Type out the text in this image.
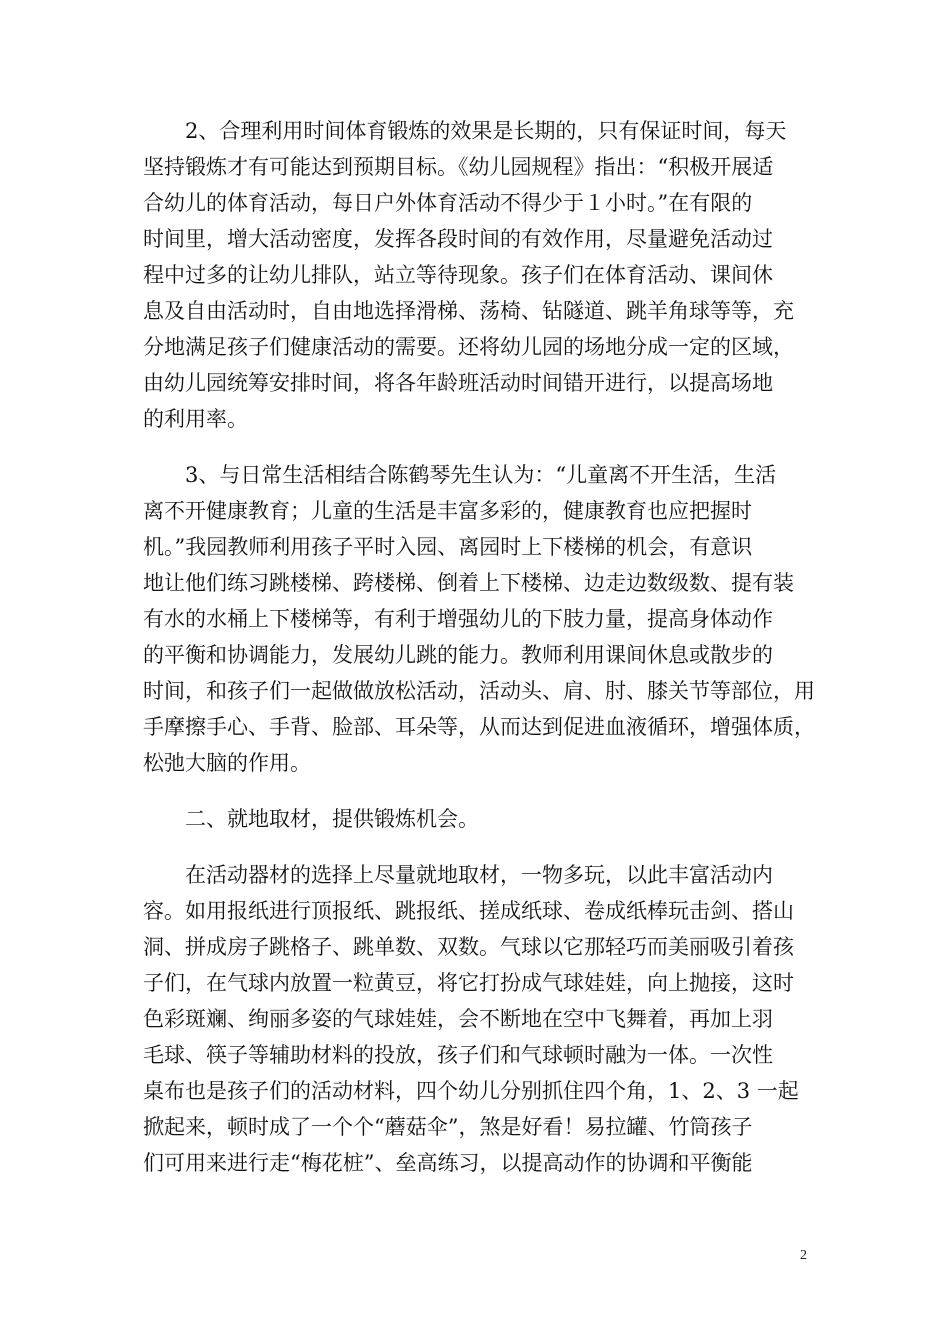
2、合理利用时间体育锻炼的效果是长期的，只有保证时间，每天
坚持锻炼才有可能达到预期目标。《幼儿园规程》指出：“积极开展适
合幼儿的体育活动，每日户外体育活动不得少于１小时。”在有限的
时间里，增大活动密度，发挥各段时间的有效作用，尽量避免活动过
程中过多的让幼儿排队，站立等待现象。孩子们在体育活动、课间休
息及自由活动时，自由地选择滑梯、荡椅、钻隧道、跳羊角球等等，充
分地满足孩子们健康活动的需要。还将幼儿园的场地分成一定的区域，
由幼儿园统筹安排时间，将各年龄班活动时间错开进行，以提高场地
的利用率。
3、与日常生活相结合陈鹤琴先生认为：“儿童离不开生活，生活
离不开健康教育；儿童的生活是丰富多彩的，健康教育也应把握时
机。”我园教师利用孩子平时入园、离园时上下楼梯的机会，有意识
地让他们练习跳楼梯、跨楼梯、倒着上下楼梯、边走边数级数、提有装
有水的水桶上下楼梯等，有利于增强幼儿的下肢力量，提高身体动作
的平衡和协调能力，发展幼儿跳的能力。教师利用课间休息或散步的
时间，和孩子们一起做做放松活动，活动头、肩、肘、膝关节等部位，用
手摩擦手心、手背、脸部、耳朵等，从而达到促进血液循环，增强体质，
松弛大脑的作用。
二、就地取材，提供锻炼机会。
在活动器材的选择上尽量就地取材，一物多玩，以此丰富活动内
容。如用报纸进行顶报纸、跳报纸、搓成纸球、卷成纸棒玩击剑、搭山
洞、拼成房子跳格子、跳单数、双数。气球以它那轻巧而美丽吸引着孩
子们，在气球内放置一粒黄豆，将它打扮成气球娃娃，向上抛接，这时
色彩斑斓、绚丽多姿的气球娃娃，会不断地在空中飞舞着，再加上羽
毛球、筷子等辅助材料的投放，孩子们和气球顿时融为一体。一次性
桌布也是孩子们的活动材料，四个幼儿分别抓住四个角，1、2、3 一起
掀起来，顿时成了一个个“蘑菇伞”，煞是好看！易拉罐、竹筒孩子
们可用来进行走“梅花桩”、垒高练习，以提高动作的协调和平衡能
2
